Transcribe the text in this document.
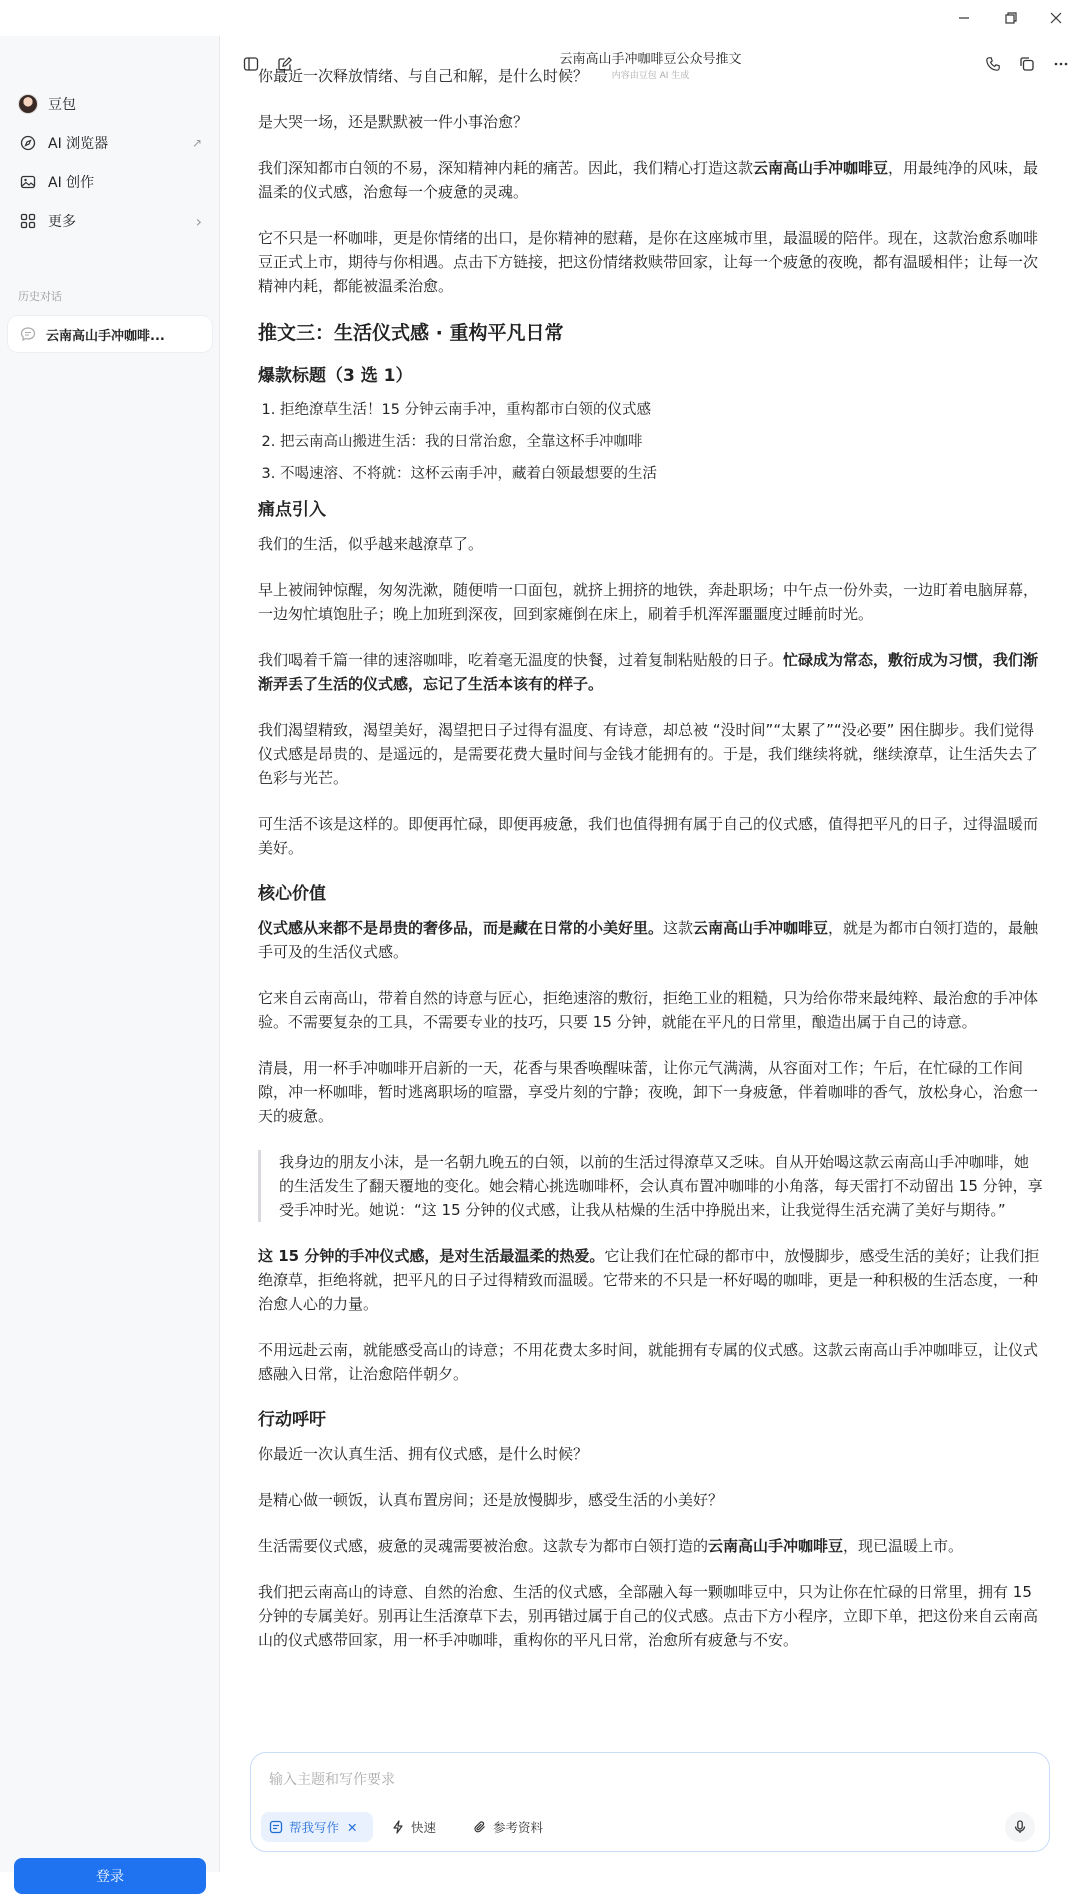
豆包
AI 浏览器	↗
AI 创作
更多	›
历史对话
云南高山手冲咖啡...
登录
云南高山手冲咖啡豆公众号推文
内容由豆包 AI 生成

你最近一次释放情绪、与自己和解，是什么时候？

是大哭一场，还是默默被一件小事治愈？

我们深知都市白领的不易，深知精神内耗的痛苦。因此，我们精心打造这款云南高山手冲咖啡豆，用最纯净的风味，最温柔的仪式感，治愈每一个疲惫的灵魂。

它不只是一杯咖啡，更是你情绪的出口，是你精神的慰藉，是你在这座城市里，最温暖的陪伴。现在，这款治愈系咖啡豆正式上市，期待与你相遇。点击下方链接，把这份情绪救赎带回家，让每一个疲惫的夜晚，都有温暖相伴；让每一次精神内耗，都能被温柔治愈。

推文三：生活仪式感 · 重构平凡日常
爆款标题（3 选 1）
1. 拒绝潦草生活！15 分钟云南手冲，重构都市白领的仪式感
2. 把云南高山搬进生活：我的日常治愈，全靠这杯手冲咖啡
3. 不喝速溶、不将就：这杯云南手冲，藏着白领最想要的生活
痛点引入

我们的生活，似乎越来越潦草了。

早上被闹钟惊醒，匆匆洗漱，随便啃一口面包，就挤上拥挤的地铁，奔赴职场；中午点一份外卖，一边盯着电脑屏幕，一边匆忙填饱肚子；晚上加班到深夜，回到家瘫倒在床上，刷着手机浑浑噩噩度过睡前时光。

我们喝着千篇一律的速溶咖啡，吃着毫无温度的快餐，过着复制粘贴般的日子。忙碌成为常态，敷衍成为习惯，我们渐渐弄丢了生活的仪式感，忘记了生活本该有的样子。

我们渴望精致，渴望美好，渴望把日子过得有温度、有诗意，却总被 “没时间”“太累了”“没必要” 困住脚步。我们觉得仪式感是昂贵的、是遥远的，是需要花费大量时间与金钱才能拥有的。于是，我们继续将就，继续潦草，让生活失去了色彩与光芒。

可生活不该是这样的。即便再忙碌，即便再疲惫，我们也值得拥有属于自己的仪式感，值得把平凡的日子，过得温暖而美好。

核心价值

仪式感从来都不是昂贵的奢侈品，而是藏在日常的小美好里。这款云南高山手冲咖啡豆，就是为都市白领打造的，最触手可及的生活仪式感。

它来自云南高山，带着自然的诗意与匠心，拒绝速溶的敷衍，拒绝工业的粗糙，只为给你带来最纯粹、最治愈的手冲体验。不需要复杂的工具，不需要专业的技巧，只要 15 分钟，就能在平凡的日常里，酿造出属于自己的诗意。

清晨，用一杯手冲咖啡开启新的一天，花香与果香唤醒味蕾，让你元气满满，从容面对工作；午后，在忙碌的工作间隙，冲一杯咖啡，暂时逃离职场的喧嚣，享受片刻的宁静；夜晚，卸下一身疲惫，伴着咖啡的香气，放松身心，治愈一天的疲惫。

我身边的朋友小沫，是一名朝九晚五的白领，以前的生活过得潦草又乏味。自从开始喝这款云南高山手冲咖啡，她的生活发生了翻天覆地的变化。她会精心挑选咖啡杯，会认真布置冲咖啡的小角落，每天雷打不动留出 15 分钟，享受手冲时光。她说：“这 15 分钟的仪式感，让我从枯燥的生活中挣脱出来，让我觉得生活充满了美好与期待。”

这 15 分钟的手冲仪式感，是对生活最温柔的热爱。它让我们在忙碌的都市中，放慢脚步，感受生活的美好；让我们拒绝潦草，拒绝将就，把平凡的日子过得精致而温暖。它带来的不只是一杯好喝的咖啡，更是一种积极的生活态度，一种治愈人心的力量。

不用远赴云南，就能感受高山的诗意；不用花费太多时间，就能拥有专属的仪式感。这款云南高山手冲咖啡豆，让仪式感融入日常，让治愈陪伴朝夕。

行动呼吁

你最近一次认真生活、拥有仪式感，是什么时候？

是精心做一顿饭，认真布置房间；还是放慢脚步，感受生活的小美好？

生活需要仪式感，疲惫的灵魂需要被治愈。这款专为都市白领打造的云南高山手冲咖啡豆，现已温暖上市。

我们把云南高山的诗意、自然的治愈、生活的仪式感，全部融入每一颗咖啡豆中，只为让你在忙碌的日常里，拥有 15 分钟的专属美好。别再让生活潦草下去，别再错过属于自己的仪式感。点击下方小程序，立即下单，把这份来自云南高山的仪式感带回家，用一杯手冲咖啡，重构你的平凡日常，治愈所有疲惫与不安。

输入主题和写作要求
帮我写作 ✕	快速	参考资料
